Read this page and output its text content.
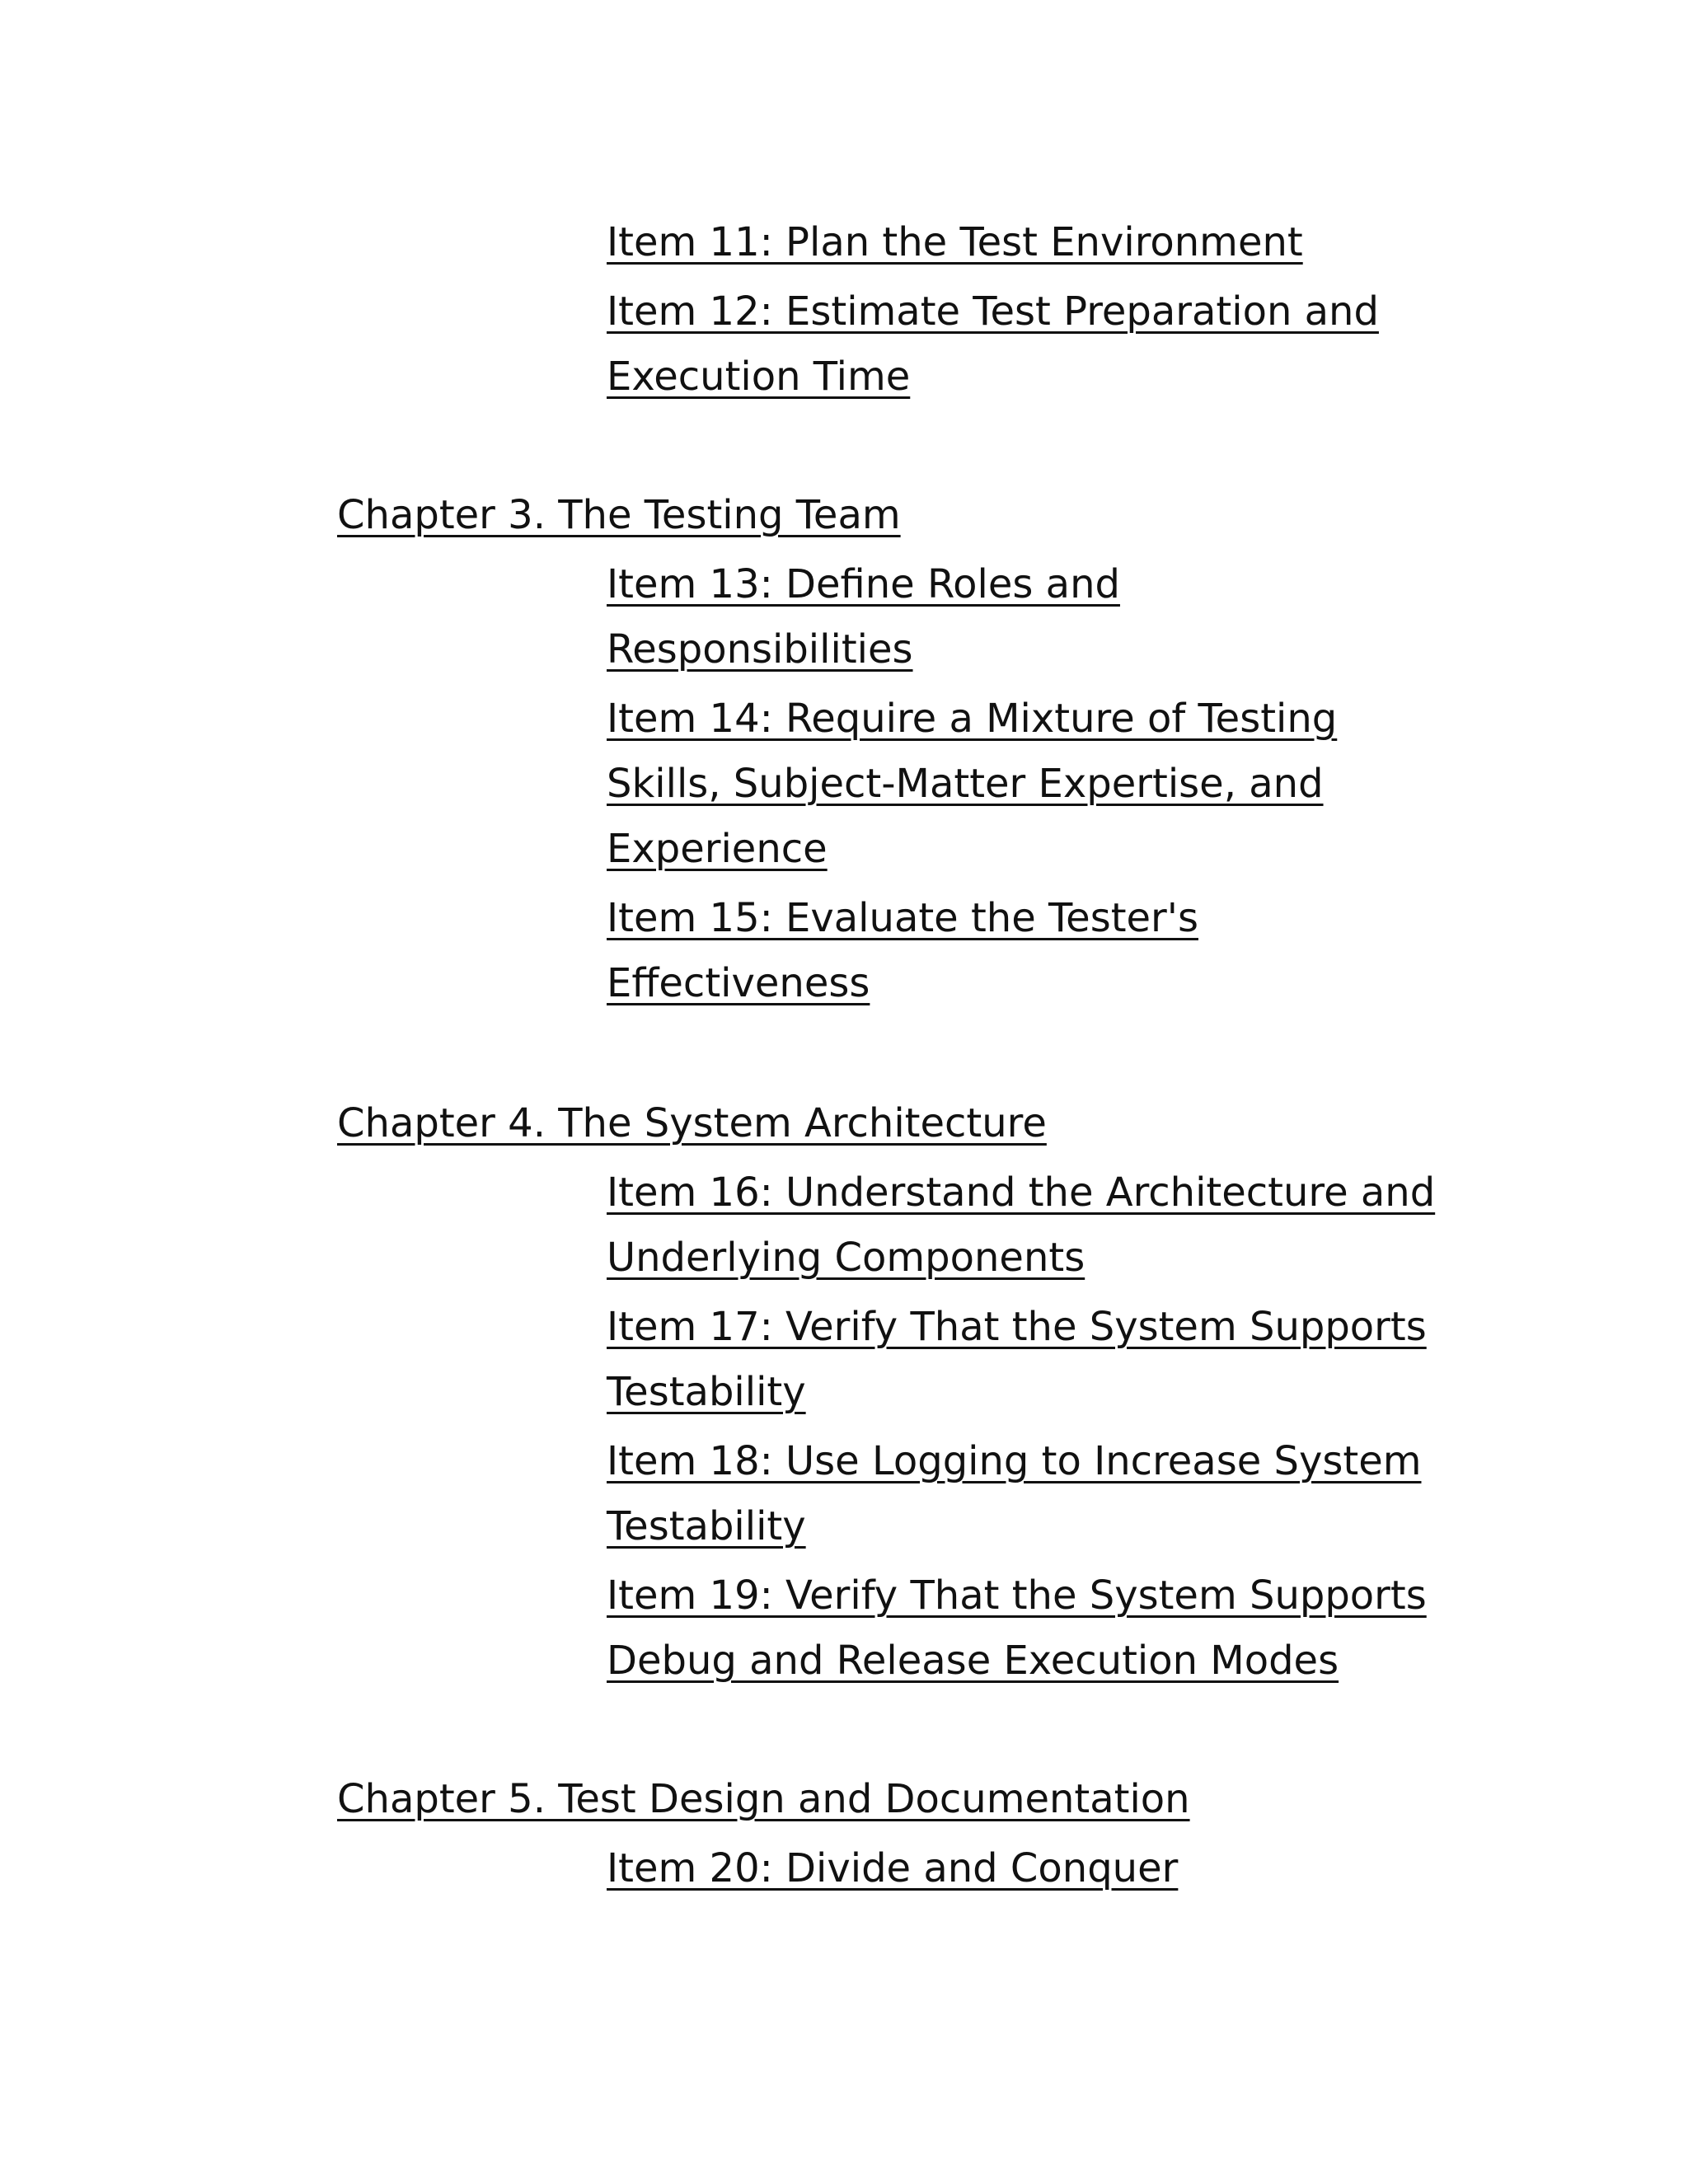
Item 11: Plan the Test Environment
Item 12: Estimate Test Preparation and
Execution Time
Chapter 3. The Testing Team
Item 13: Define Roles and
Responsibilities
Item 14: Require a Mixture of Testing
Skills, Subject-Matter Expertise, and
Experience
Item 15: Evaluate the Tester's
Effectiveness
Chapter 4. The System Architecture
Item 16: Understand the Architecture and
Underlying Components
Item 17: Verify That the System Supports
Testability
Item 18: Use Logging to Increase System
Testability
Item 19: Verify That the System Supports
Debug and Release Execution Modes
Chapter 5. Test Design and Documentation
Item 20: Divide and Conquer
